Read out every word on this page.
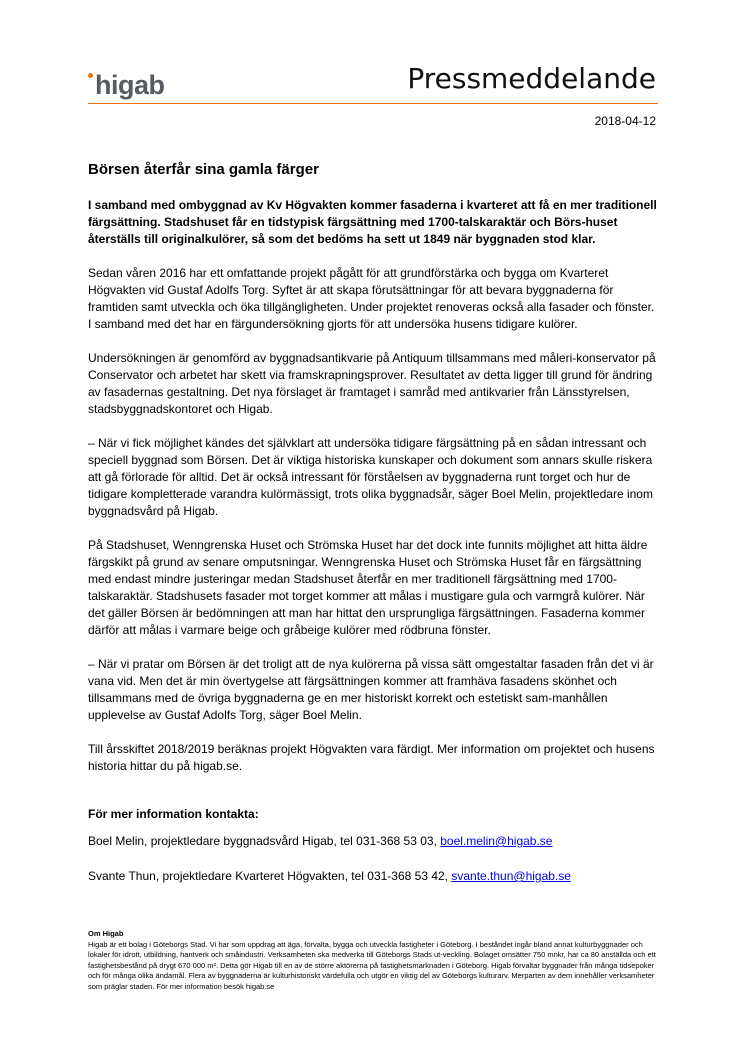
higab	Pressmeddelande
2018-04-12
Börsen återfår sina gamla färger

I samband med ombyggnad av Kv Högvakten kommer fasaderna i kvarteret att få en mer traditionell färgsättning. Stadshuset får en tidstypisk färgsättning med 1700-talskaraktär och Börs-huset återställs till originalkulörer, så som det bedöms ha sett ut 1849 när byggnaden stod klar.

Sedan våren 2016 har ett omfattande projekt pågått för att grundförstärka och bygga om Kvarteret Högvakten vid Gustaf Adolfs Torg. Syftet är att skapa förutsättningar för att bevara byggnaderna för framtiden samt utveckla och öka tillgängligheten. Under projektet renoveras också alla fasader och fönster. I samband med det har en färgundersökning gjorts för att undersöka husens tidigare kulörer.

Undersökningen är genomförd av byggnadsantikvarie på Antiquum tillsammans med måleri-konservator på Conservator och arbetet har skett via framskrapningsprover. Resultatet av detta ligger till grund för ändring av fasadernas gestaltning. Det nya förslaget är framtaget i samråd med antikvarier från Länsstyrelsen, stadsbyggnadskontoret och Higab.

– När vi fick möjlighet kändes det självklart att undersöka tidigare färgsättning på en sådan intressant och speciell byggnad som Börsen. Det är viktiga historiska kunskaper och dokument som annars skulle riskera att gå förlorade för alltid. Det är också intressant för förståelsen av byggnaderna runt torget och hur de tidigare kompletterade varandra kulörmässigt, trots olika byggnadsår, säger Boel Melin, projektledare inom byggnadsvård på Higab.

På Stadshuset, Wenngrenska Huset och Strömska Huset har det dock inte funnits möjlighet att hitta äldre färgskikt på grund av senare omputsningar. Wenngrenska Huset och Strömska Huset får en färgsättning med endast mindre justeringar medan Stadshuset återfår en mer traditionell färgsättning med 1700-talskaraktär. Stadshusets fasader mot torget kommer att målas i mustigare gula och varmgrå kulörer. När det gäller Börsen är bedömningen att man har hittat den ursprungliga färgsättningen. Fasaderna kommer därför att målas i varmare beige och gråbeige kulörer med rödbruna fönster.

– När vi pratar om Börsen är det troligt att de nya kulörerna på vissa sätt omgestaltar fasaden från det vi är vana vid. Men det är min övertygelse att färgsättningen kommer att framhäva fasadens skönhet och tillsammans med de övriga byggnaderna ge en mer historiskt korrekt och estetiskt sam-manhållen upplevelse av Gustaf Adolfs Torg, säger Boel Melin.

Till årsskiftet 2018/2019 beräknas projekt Högvakten vara färdigt. Mer information om projektet och husens historia hittar du på higab.se.

För mer information kontakta:

Boel Melin, projektledare byggnadsvård Higab, tel 031-368 53 03, boel.melin@higab.se

Svante Thun, projektledare Kvarteret Högvakten, tel 031-368 53 42, svante.thun@higab.se

Om Higab
Higab är ett bolag i Göteborgs Stad. Vi har som uppdrag att äga, förvalta, bygga och utveckla fastigheter i Göteborg. I beståndet ingår bland annat kulturbyggnader och lokaler för idrott, utbildning, hantverk och småindustri. Verksamheten ska medverka till Göteborgs Stads ut-veckling. Bolaget omsätter 750 mnkr, har ca 80 anställda och ett fastighetsbestånd på drygt 670 000 m². Detta gör Higab till en av de större aktörerna på fastighetsmarknaden i Göteborg. Higab förvaltar byggnader från många tidsepoker och för många olika ändamål. Flera av byggnaderna är kulturhistoriskt värdefulla och utgör en viktig del av Göteborgs kulturarv. Merparten av dem innehåller verksamheter som präglar staden. För mer information besök higab.se
